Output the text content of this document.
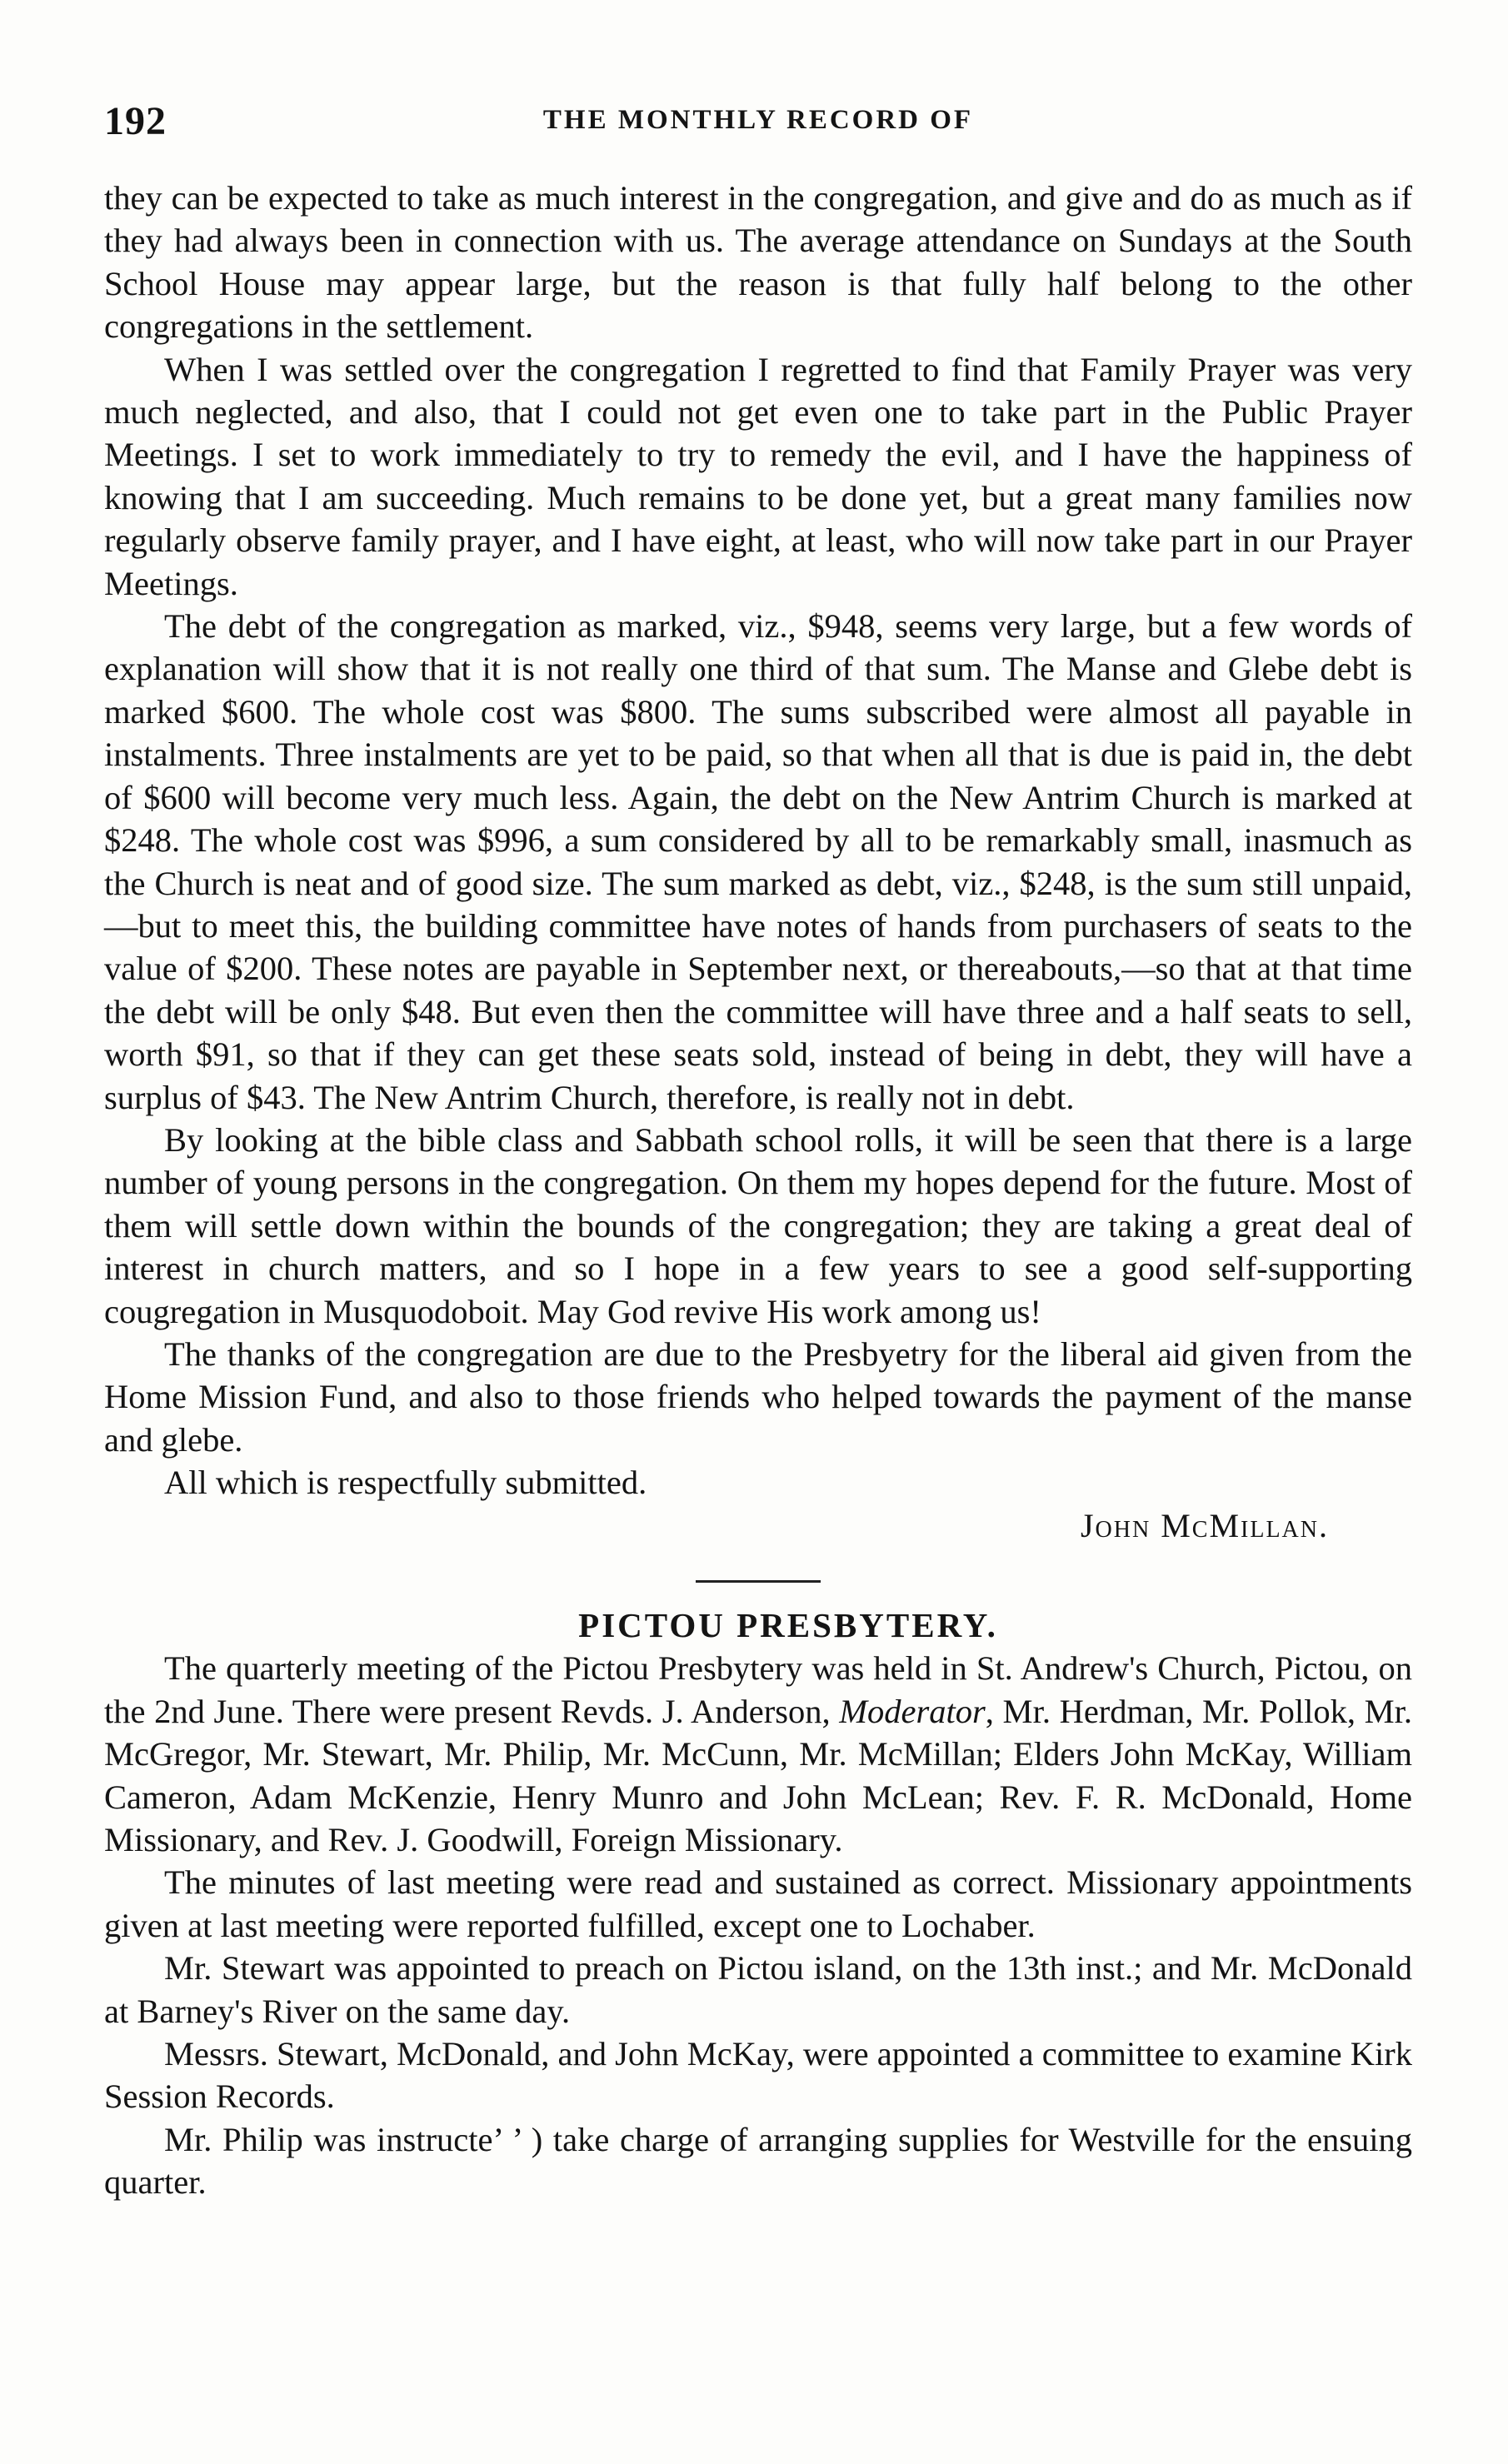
192	THE MONTHLY RECORD OF

they can be expected to take as much interest in the congregation, and give and do as much as if they had always been in connection with us. The average attendance on Sundays at the South School House may appear large, but the reason is that fully half belong to the other congregations in the settlement.

When I was settled over the congregation I regretted to find that Family Prayer was very much neglected, and also, that I could not get even one to take part in the Public Prayer Meetings. I set to work immediately to try to remedy the evil, and I have the happiness of knowing that I am succeeding. Much remains to be done yet, but a great many families now regularly observe family prayer, and I have eight, at least, who will now take part in our Prayer Meetings.

The debt of the congregation as marked, viz., $948, seems very large, but a few words of explanation will show that it is not really one third of that sum. The Manse and Glebe debt is marked $600. The whole cost was $800. The sums subscribed were almost all payable in instalments. Three instalments are yet to be paid, so that when all that is due is paid in, the debt of $600 will become very much less. Again, the debt on the New Antrim Church is marked at $248. The whole cost was $996, a sum considered by all to be remarkably small, inasmuch as the Church is neat and of good size. The sum marked as debt, viz., $248, is the sum still unpaid,—but to meet this, the building committee have notes of hands from purchasers of seats to the value of $200. These notes are payable in September next, or thereabouts,—so that at that time the debt will be only $48. But even then the committee will have three and a half seats to sell, worth $91, so that if they can get these seats sold, instead of being in debt, they will have a surplus of $43. The New Antrim Church, therefore, is really not in debt.

By looking at the bible class and Sabbath school rolls, it will be seen that there is a large number of young persons in the congregation. On them my hopes depend for the future. Most of them will settle down within the bounds of the congregation; they are taking a great deal of interest in church matters, and so I hope in a few years to see a good self-supporting cougregation in Musquodoboit. May God revive His work among us!

The thanks of the congregation are due to the Presbyetry for the liberal aid given from the Home Mission Fund, and also to those friends who helped towards the payment of the manse and glebe.

All which is respectfully submitted.

John McMillan.

PICTOU PRESBYTERY.

The quarterly meeting of the Pictou Presbytery was held in St. Andrew's Church, Pictou, on the 2nd June. There were present Revds. J. Anderson, Moderator, Mr. Herdman, Mr. Pollok, Mr. McGregor, Mr. Stewart, Mr. Philip, Mr. McCunn, Mr. McMillan; Elders John McKay, William Cameron, Adam McKenzie, Henry Munro and John McLean; Rev. F. R. McDonald, Home Missionary, and Rev. J. Goodwill, Foreign Missionary.

The minutes of last meeting were read and sustained as correct. Missionary appointments given at last meeting were reported fulfilled, except one to Lochaber.

Mr. Stewart was appointed to preach on Pictou island, on the 13th inst.; and Mr. McDonald at Barney's River on the same day.

Messrs. Stewart, McDonald, and John McKay, were appointed a committee to examine Kirk Session Records.

Mr. Philip was instructe’ ’ ) take charge of arranging supplies for Westville for the ensuing quarter.
